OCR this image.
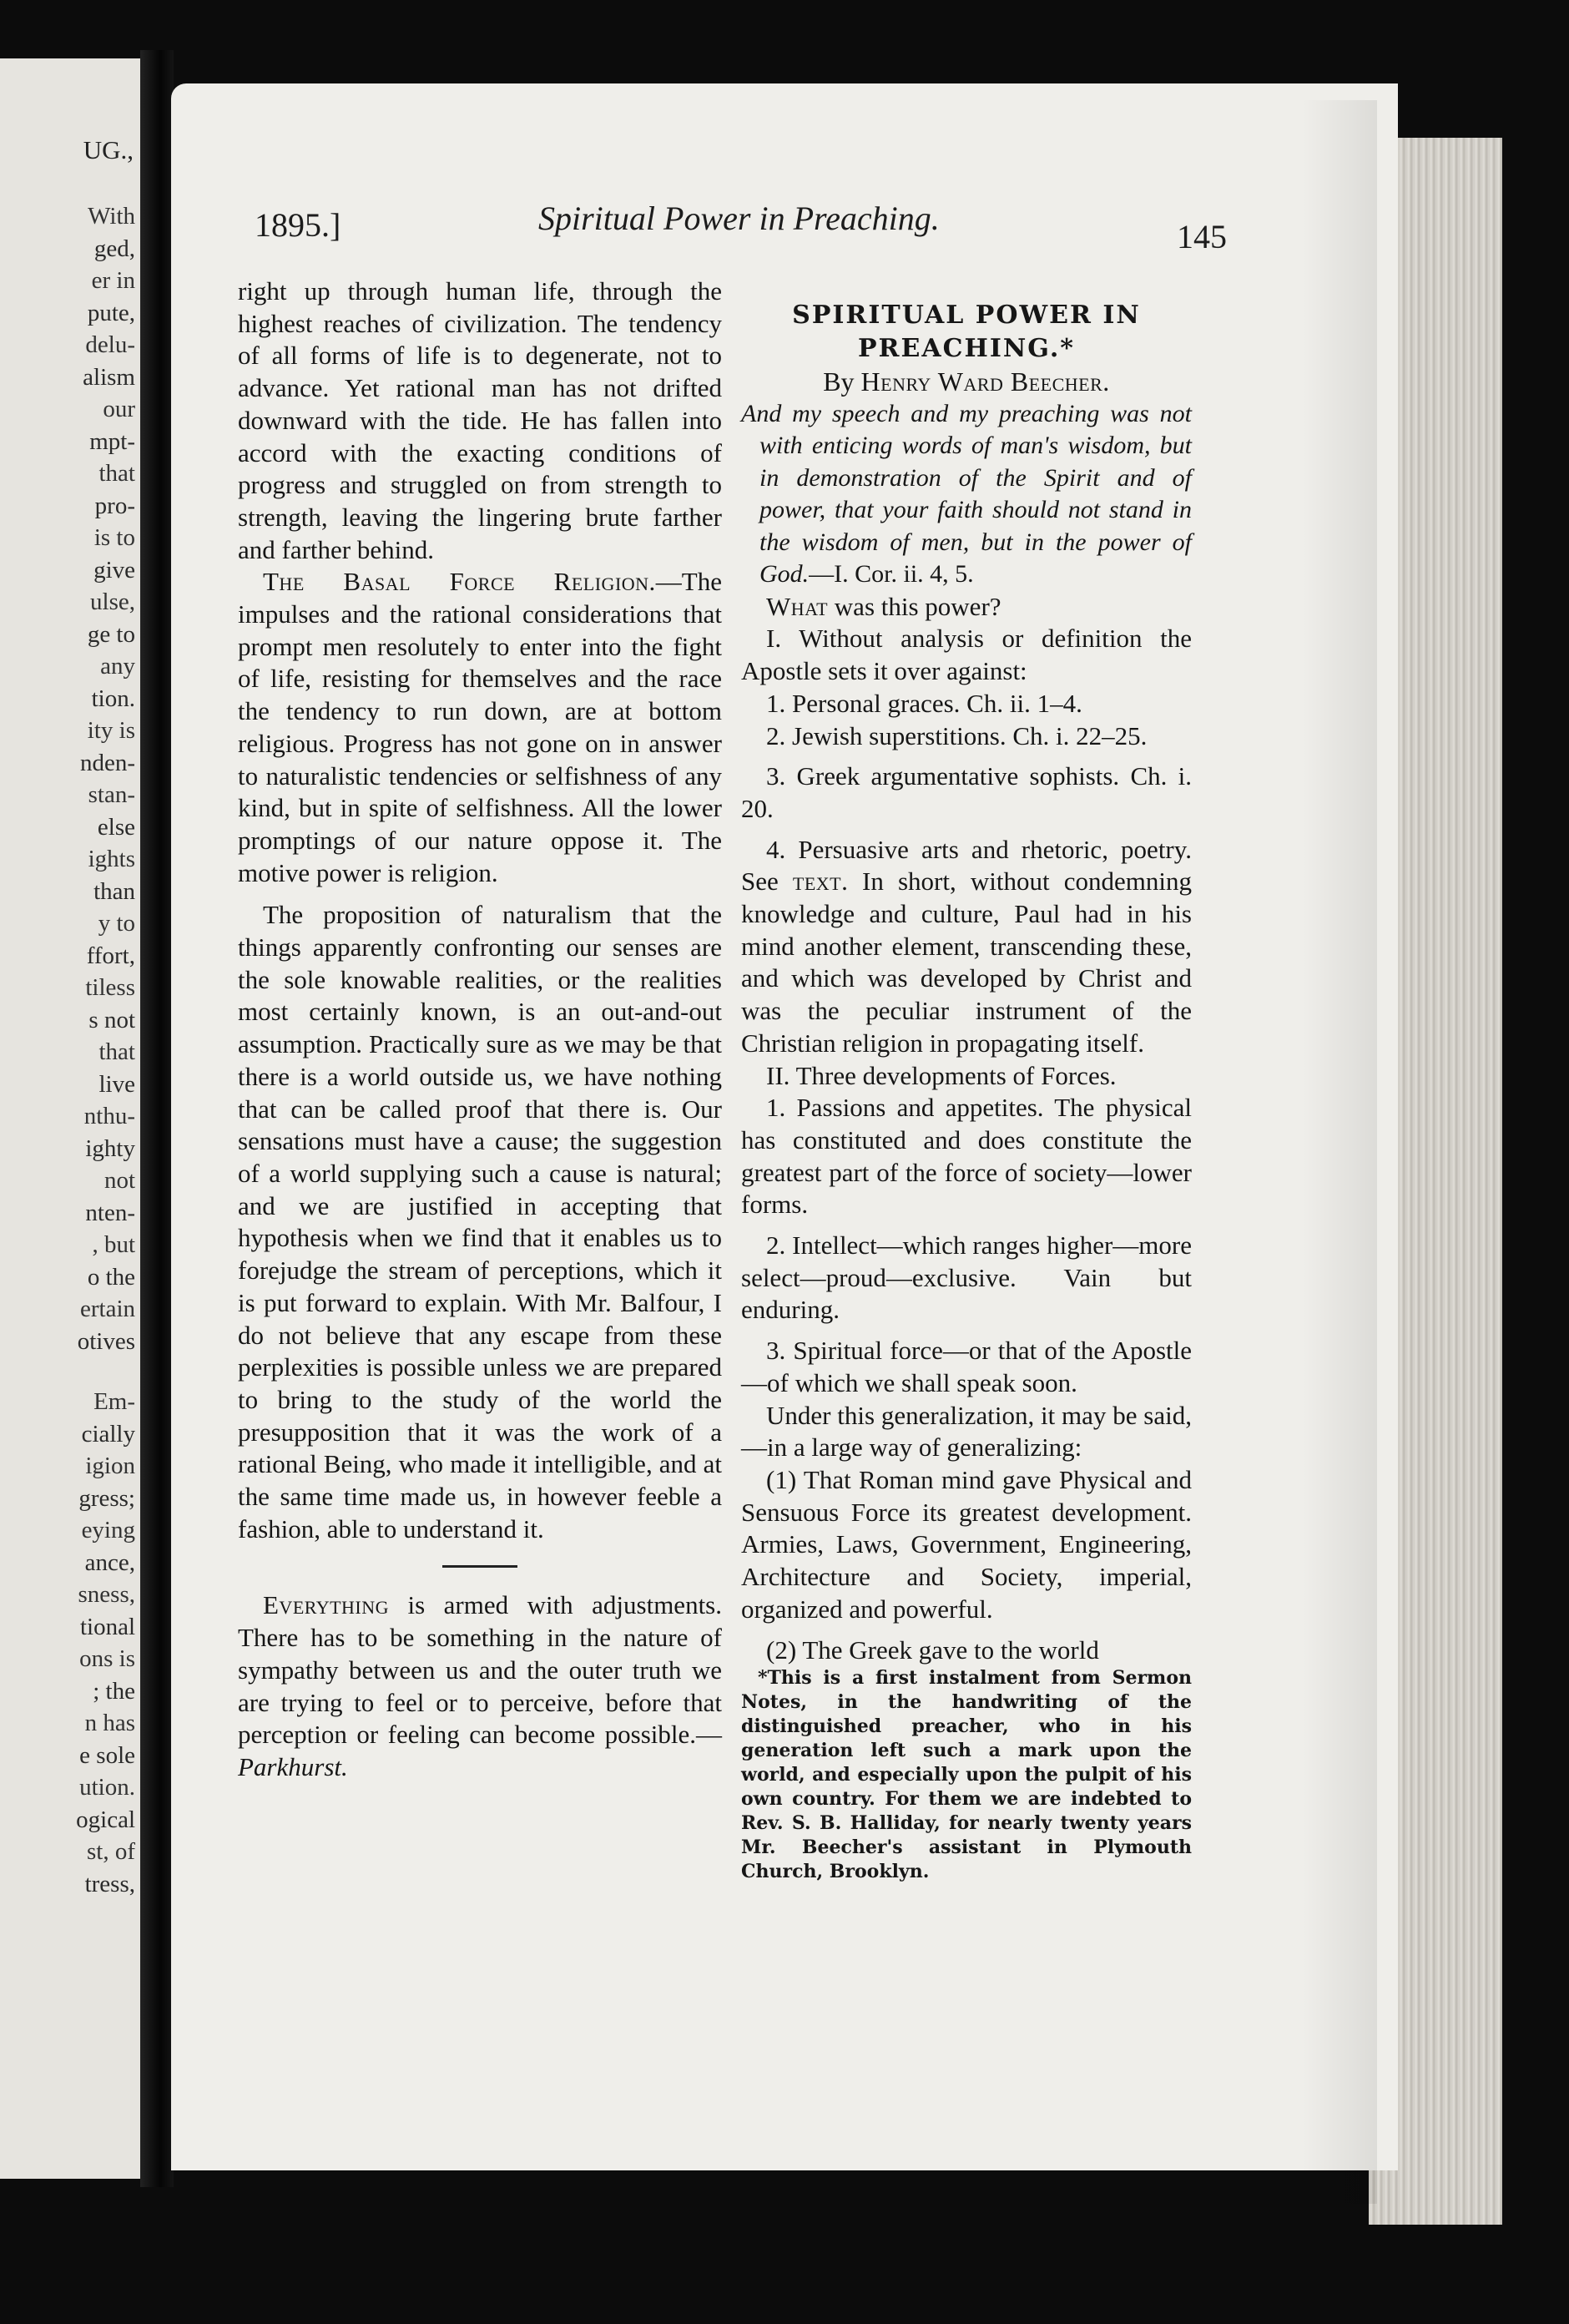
UG.,
With
ged,
er in
pute,
delu-
alism
our
mpt-
that
pro-
is to
give
ulse,
ge to
any
tion.
ity is
nden-
stan-
else
ights
than
y to
ffort,
tiless
s not
that
live
nthu-
ighty
not
nten-
, but
o the
ertain
otives
Em-
cially
igion
gress;
eying
ance,
sness,
tional
ons is
; the
n has
e sole
ution.
ogical
st, of
tress,
1895.]	Spiritual Power in Preaching.	145

right up through human life, through the highest reaches of civilization. The tendency of all forms of life is to degenerate, not to advance. Yet rational man has not drifted downward with the tide. He has fallen into accord with the exacting conditions of progress and struggled on from strength to strength, leaving the lingering brute farther and farther behind.

The Basal Force Religion.—The impulses and the rational considerations that prompt men resolutely to enter into the fight of life, resisting for themselves and the race the tendency to run down, are at bottom religious. Progress has not gone on in answer to naturalistic tendencies or selfishness of any kind, but in spite of selfishness. All the lower promptings of our nature oppose it. The motive power is religion.

The proposition of naturalism that the things apparently confronting our senses are the sole knowable realities, or the realities most certainly known, is an out-and-out assumption. Practically sure as we may be that there is a world outside us, we have nothing that can be called proof that there is. Our sensations must have a cause; the suggestion of a world supplying such a cause is natural; and we are justified in accepting that hypothesis when we find that it enables us to forejudge the stream of perceptions, which it is put forward to explain. With Mr. Balfour, I do not believe that any escape from these perplexities is possible unless we are prepared to bring to the study of the world the presupposition that it was the work of a rational Being, who made it intelligible, and at the same time made us, in however feeble a fashion, able to understand it.

Everything is armed with adjustments. There has to be something in the nature of sympathy between us and the outer truth we are trying to feel or to perceive, before that perception or feeling can become possible.—Parkhurst.

SPIRITUAL POWER IN PREACHING.*

By Henry Ward Beecher.

And my speech and my preaching was not with enticing words of man's wisdom, but in demonstration of the Spirit and of power, that your faith should not stand in the wisdom of men, but in the power of God.—I. Cor. ii. 4, 5.

What was this power?

I. Without analysis or definition the Apostle sets it over against:

1. Personal graces. Ch. ii. 1–4.

2. Jewish superstitions. Ch. i. 22–25.

3. Greek argumentative sophists. Ch. i. 20.

4. Persuasive arts and rhetoric, poetry. See text. In short, without condemning knowledge and culture, Paul had in his mind another element, transcending these, and which was developed by Christ and was the peculiar instrument of the Christian religion in propagating itself.

II. Three developments of Forces.

1. Passions and appetites. The physical has constituted and does constitute the greatest part of the force of society—lower forms.

2. Intellect—which ranges higher—more select—proud—exclusive. Vain but enduring.

3. Spiritual force—or that of the Apostle—of which we shall speak soon.

Under this generalization, it may be said,—in a large way of generalizing:

(1) That Roman mind gave Physical and Sensuous Force its greatest development. Armies, Laws, Government, Engineering, Architecture and Society, imperial, organized and powerful.

(2) The Greek gave to the world

*This is a first instalment from Sermon Notes, in the handwriting of the distinguished preacher, who in his generation left such a mark upon the world, and especially upon the pulpit of his own country. For them we are indebted to Rev. S. B. Halliday, for nearly twenty years Mr. Beecher's assistant in Plymouth Church, Brooklyn.
